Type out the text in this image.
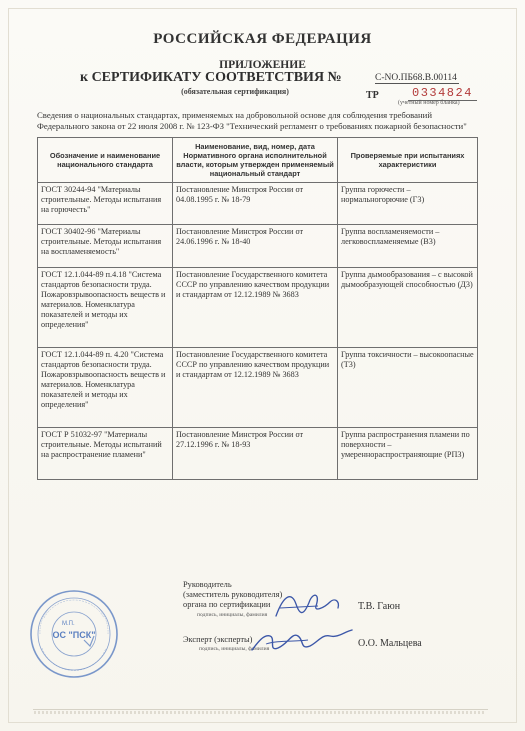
РОССИЙСКАЯ ФЕДЕРАЦИЯ
ПРИЛОЖЕНИЕ
к СЕРТИФИКАТУ СООТВЕТСТВИЯ №	С-NO.ПБ68.В.00114
(обязательная сертификация)	ТР	0334824
(учетный номер бланка)
Сведения о национальных стандартах, применяемых на добровольной основе для соблюдения требований Федерального закона от 22 июля 2008 г. № 123-ФЗ "Технический регламент о требованиях пожарной безопасности"
Обозначение и наименование национального стандарта	Наименование, вид, номер, дата Нормативного органа исполнительной власти, которым утвержден применяемый национальный стандарт	Проверяемые при испытаниях характеристики
ГОСТ 30244-94 "Материалы строительные. Методы испытания на горючесть"	Постановление Минстроя России от 04.08.1995 г. № 18-79	Группа горючести – нормальногорючие (Г3)
ГОСТ 30402-96 "Материалы строительные. Методы испытания на воспламеняемость"	Постановление Минстроя России от 24.06.1996 г. № 18-40	Группа воспламеняемости – легковоспламеняемые (В3)
ГОСТ 12.1.044-89 п.4.18 "Система стандартов безопасности труда. Пожаровзрывоопасность веществ и материалов. Номенклатура показателей и методы их определения"	Постановление Государственного комитета СССР по управлению качеством продукции и стандартам от 12.12.1989 № 3683	Группа дымообразования – с высокой дымообразующей способностью (Д3)
ГОСТ 12.1.044-89 п. 4.20 "Система стандартов безопасности труда. Пожаровзрывоопасность веществ и материалов. Номенклатура показателей и методы их определения"	Постановление Государственного комитета СССР по управлению качеством продукции и стандартам от 12.12.1989 № 3683	Группа токсичности – высокоопасные (Т3)
ГОСТ Р 51032-97 "Материалы строительные. Методы испытаний на распространение пламени"	Постановление Минстроя России от 27.12.1996 г. № 18-93	Группа распространения пламени по поверхности – умереннораспространяющие (РП3)
М.П.
ОС "ПСК"
Руководитель
(заместитель руководителя)
органа по сертификации
подпись, инициалы, фамилия
Т.В. Гаюн
Эксперт (эксперты)
подпись, инициалы, фамилия	О.О. Мальцева
